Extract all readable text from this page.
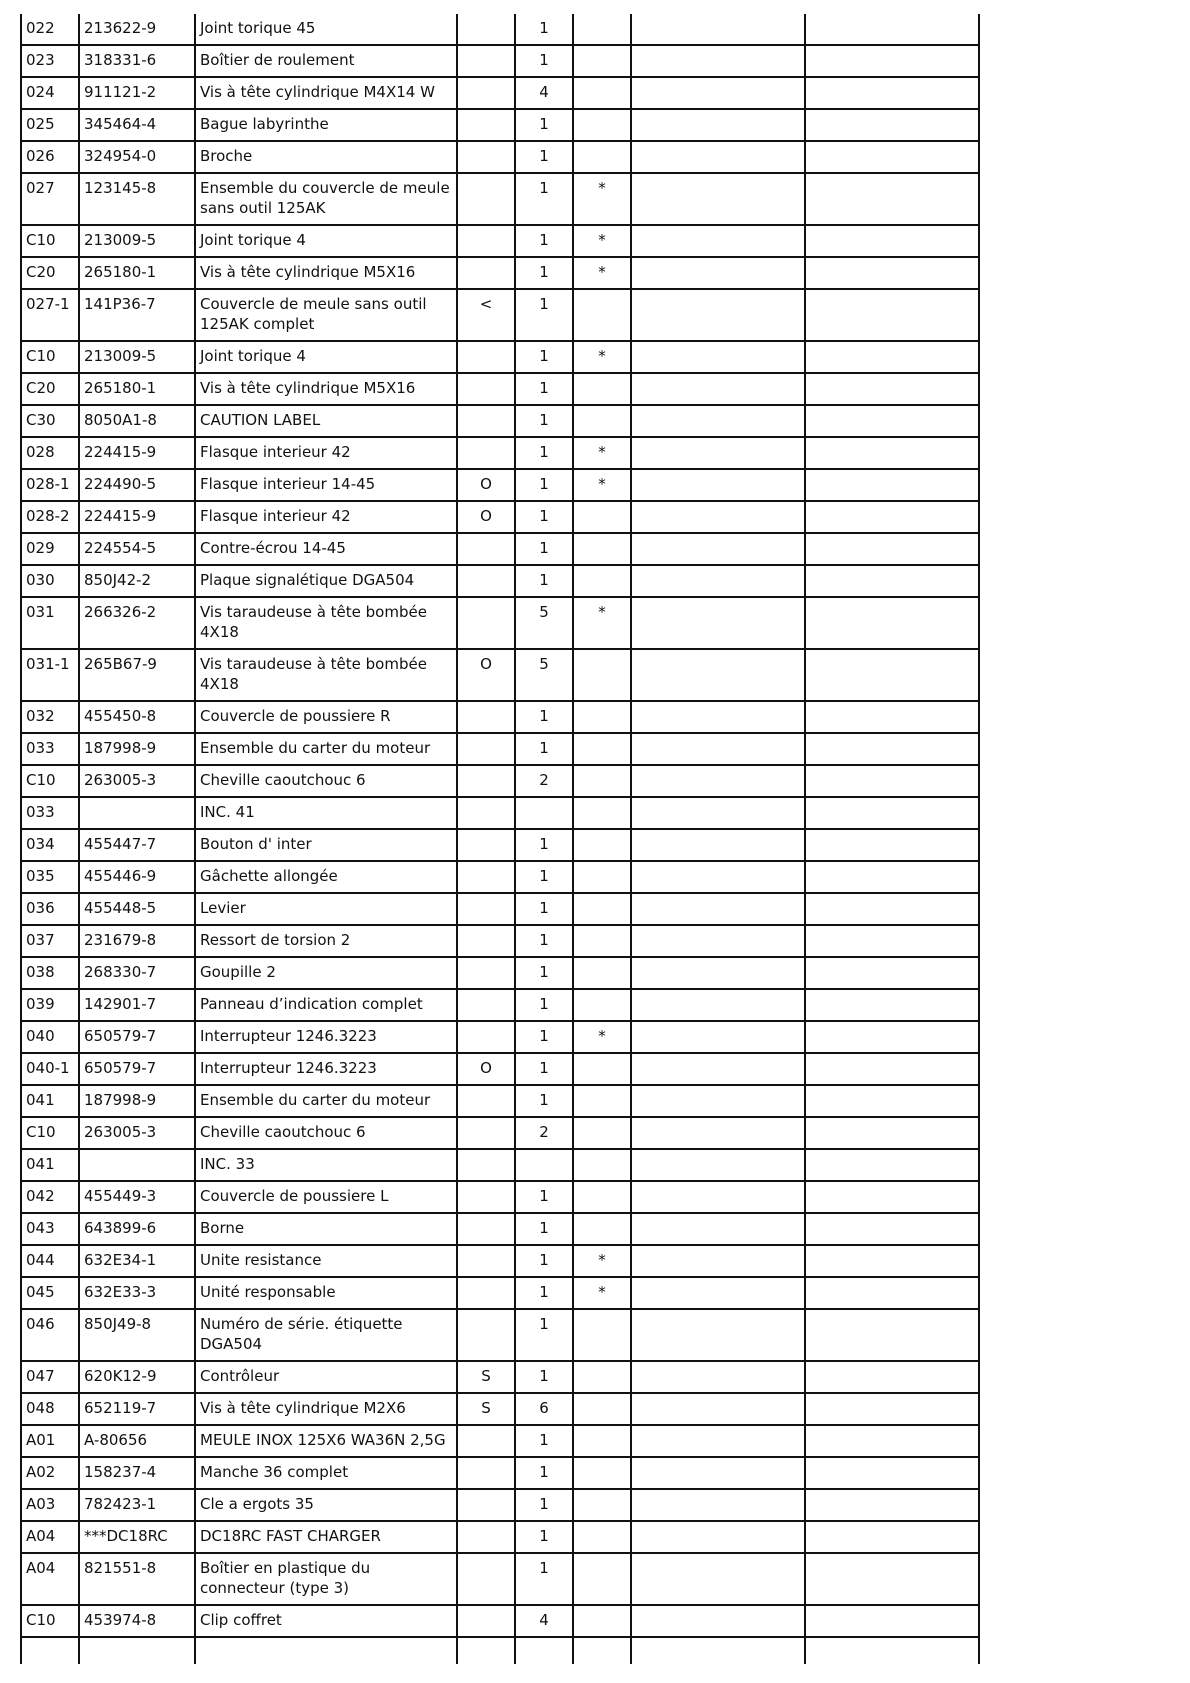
022	213622-9	Joint torique 45		1			
023	318331-6	Boîtier de roulement		1			
024	911121-2	Vis à tête cylindrique M4X14 W		4			
025	345464-4	Bague labyrinthe		1			
026	324954-0	Broche		1			
027	123145-8	Ensemble du couvercle de meule sans outil 125AK		1	*		
C10	213009-5	Joint torique 4		1	*		
C20	265180-1	Vis à tête cylindrique M5X16		1	*		
027-1	141P36-7	Couvercle de meule sans outil 125AK complet	<	1			
C10	213009-5	Joint torique 4		1	*		
C20	265180-1	Vis à tête cylindrique M5X16		1			
C30	8050A1-8	CAUTION LABEL		1			
028	224415-9	Flasque interieur 42		1	*		
028-1	224490-5	Flasque interieur 14-45	O	1	*		
028-2	224415-9	Flasque interieur 42	O	1			
029	224554-5	Contre-écrou 14-45		1			
030	850J42-2	Plaque signalétique DGA504		1			
031	266326-2	Vis taraudeuse à tête bombée 4X18		5	*		
031-1	265B67-9	Vis taraudeuse à tête bombée 4X18	O	5			
032	455450-8	Couvercle de poussiere R		1			
033	187998-9	Ensemble du carter du moteur		1			
C10	263005-3	Cheville caoutchouc 6		2			
033		INC. 41					
034	455447-7	Bouton d' inter		1			
035	455446-9	Gâchette allongée		1			
036	455448-5	Levier		1			
037	231679-8	Ressort de torsion 2		1			
038	268330-7	Goupille 2		1			
039	142901-7	Panneau d’indication complet		1			
040	650579-7	Interrupteur 1246.3223		1	*		
040-1	650579-7	Interrupteur 1246.3223	O	1			
041	187998-9	Ensemble du carter du moteur		1			
C10	263005-3	Cheville caoutchouc 6		2			
041		INC. 33					
042	455449-3	Couvercle de poussiere L		1			
043	643899-6	Borne		1			
044	632E34-1	Unite resistance		1	*		
045	632E33-3	Unité responsable		1	*		
046	850J49-8	Numéro de série. étiquette DGA504		1			
047	620K12-9	Contrôleur	S	1			
048	652119-7	Vis à tête cylindrique M2X6	S	6			
A01	A-80656	MEULE INOX 125X6 WA36N 2,5G		1			
A02	158237-4	Manche 36 complet		1			
A03	782423-1	Cle a ergots 35		1			
A04	***DC18RC	DC18RC FAST CHARGER		1			
A04	821551-8	Boîtier en plastique du connecteur (type 3)		1			
C10	453974-8	Clip coffret		4			
